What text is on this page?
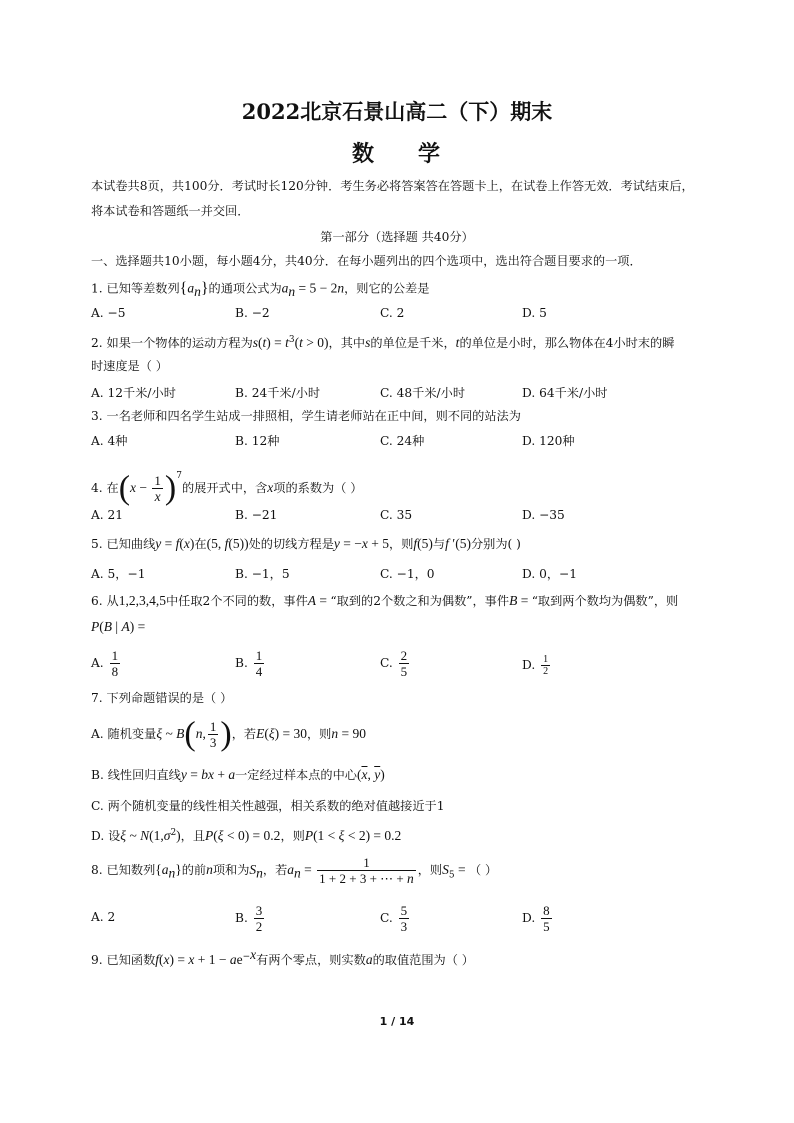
2022北京石景山高二（下）期末
数 学
本试卷共8页，共100分．考试时长120分钟．考生务必将答案答在答题卡上，在试卷上作答无效．考试结束后，
将本试卷和答题纸一并交回．
第一部分（选择题 共40分）
一、选择题共10小题，每小题4分，共40分．在每小题列出的四个选项中，选出符合题目要求的一项．
1. 已知等差数列$\{a_n\}$的通项公式为$a_n = 5 - 2n$，则它的公差是
A. −5	B. −2	C. 2	D. 5
2. 如果一个物体的运动方程为$s(t) = t^3(t > 0)$，其中s的单位是千米，t的单位是小时，那么物体在4小时末的瞬
时速度是（ ）
A. 12千米/小时	B. 24千米/小时	C. 48千米/小时	D. 64千米/小时
3. 一名老师和四名学生站成一排照相，学生请老师站在正中间，则不同的站法为
A. 4种	B. 12种	C. 24种	D. 120种
4. 在$(x - \frac{1}{x} )^7$的展开式中，含x项的系数为（ ）
A. 21	B. −21	C. 35	D. −35
5. 已知曲线y = f(x)在(5, f(5))处的切线方程是y = −x + 5，则f(5)与f ′(5)分别为( )
A. 5，−1	B. −1，5	C. −1，0	D. 0，−1
6. 从1,2,3,4,5中任取2个不同的数，事件A = “取到的2个数之和为偶数”，事件B = “取到两个数均为偶数”，则
P(B | A) =
A. $\frac{1}{8}$	B. $\frac{1}{4}$	C. $\frac{2}{5}$	D. $\frac{1}{2}$
7. 下列命题错误的是（ ）
A. 随机变量ξ ~ B(n, $\frac{1}{3}$ )，若E(ξ) = 30，则n = 90
B. 线性回归直线y = bx + a一定经过样本点的中心($\overline{x}$, $\overline{y}$)
C. 两个随机变量的线性相关性越强，相关系数的绝对值越接近于1
D. 设ξ ~ $N(1,\sigma^2)$，且P(ξ < 0) = 0.2，则P(1 < ξ < 2) = 0.2
8. 已知数列$\{a_n\}$的前n项和为$S_n$，若$a_n = \frac{1}{1 + 2 + 3 + \cdots + n}$ ，则$S_5$ = （ ）
A. 2	B. $\frac{3}{2}$	C. $\frac{5}{3}$	D. $\frac{8}{5}$
9. 已知函数$f(x) = x + 1 - ae^{-x}$有两个零点，则实数a的取值范围为（ ）
1 / 14
